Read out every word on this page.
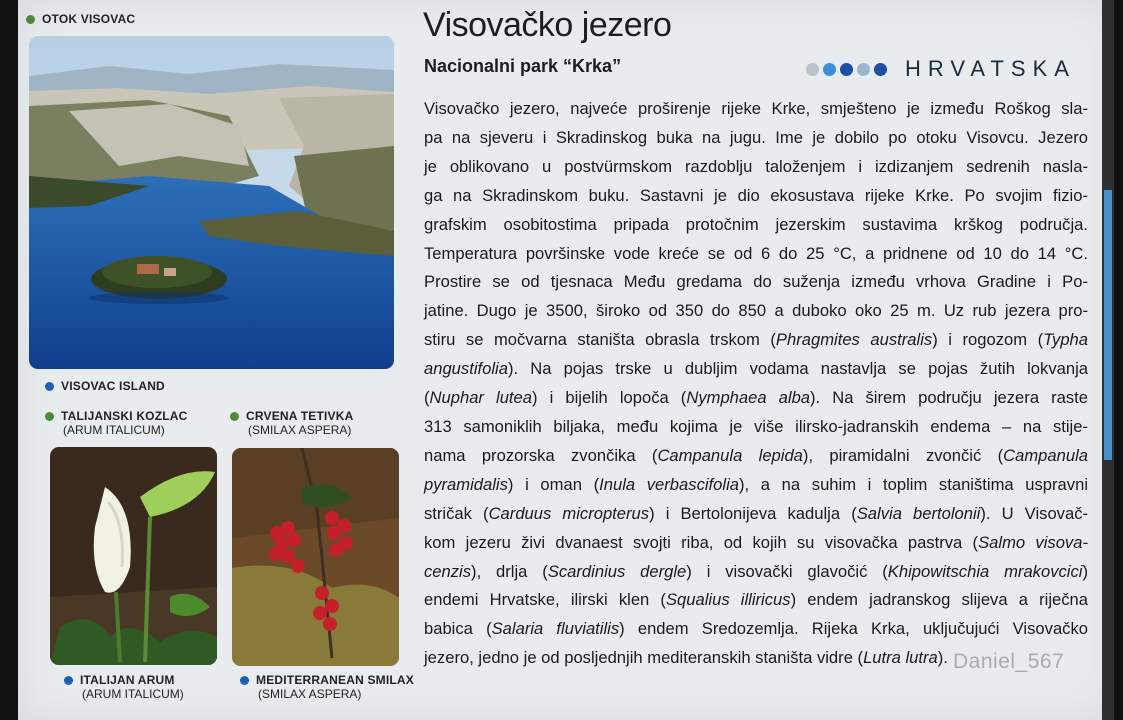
OTOK VISOVAC
VISOVAC ISLAND
TALIJANSKI KOZLAC
(ARUM ITALICUM)
ITALIJAN ARUM
(ARUM ITALICUM)
CRVENA TETIVKA
(SMILAX ASPERA)
MEDITERRANEAN SMILAX
(SMILAX ASPERA)
Visovačko jezero
Nacionalni park “Krka”	HRVATSKA
Visovačko jezero, najveće proširenje rijeke Krke, smješteno je između Roškog sla-
pa na sjeveru i Skradinskog buka na jugu. Ime je dobilo po otoku Visovcu. Jezero
je oblikovano u postvürmskom razdoblju taloženjem i izdizanjem sedrenih nasla-
ga na Skradinskom buku. Sastavni je dio ekosustava rijeke Krke. Po svojim fizio-
grafskim osobitostima pripada protočnim jezerskim sustavima krškog područja.
Temperatura površinske vode kreće se od 6 do 25 °C, a pridnene od 10 do 14 °C.
Prostire se od tjesnaca Među gredama do suženja između vrhova Gradine i Po-
jatine. Dugo je 3500, široko od 350 do 850 a duboko oko 25 m. Uz rub jezera pro-
stiru se močvarna staništa obrasla trskom (Phragmites australis) i rogozom (Typha
angustifolia). Na pojas trske u dubljim vodama nastavlja se pojas žutih lokvanja
(Nuphar lutea) i bijelih lopoča (Nymphaea alba). Na širem području jezera raste
313 samoniklih biljaka, među kojima je više ilirsko-jadranskih endema – na stije-
nama prozorska zvončika (Campanula lepida), piramidalni zvončić (Campanula
pyramidalis) i oman (Inula verbascifolia), a na suhim i toplim staništima uspravni
stričak (Carduus micropterus) i Bertolonijeva kadulja (Salvia bertolonii). U Visovač-
kom jezeru živi dvanaest svojti riba, od kojih su visovačka pastrva (Salmo visova-
cenzis), drlja (Scardinius dergle) i visovački glavočić (Khipowitschia mrakovcici)
endemi Hrvatske, ilirski klen (Squalius illiricus) endem jadranskog slijeva a riječna
babica (Salaria fluviatilis) endem Sredozemlja. Rijeka Krka, uključujući Visovačko
jezero, jedno je od posljednjih mediteranskih staništa vidre (Lutra lutra). Daniel_567
